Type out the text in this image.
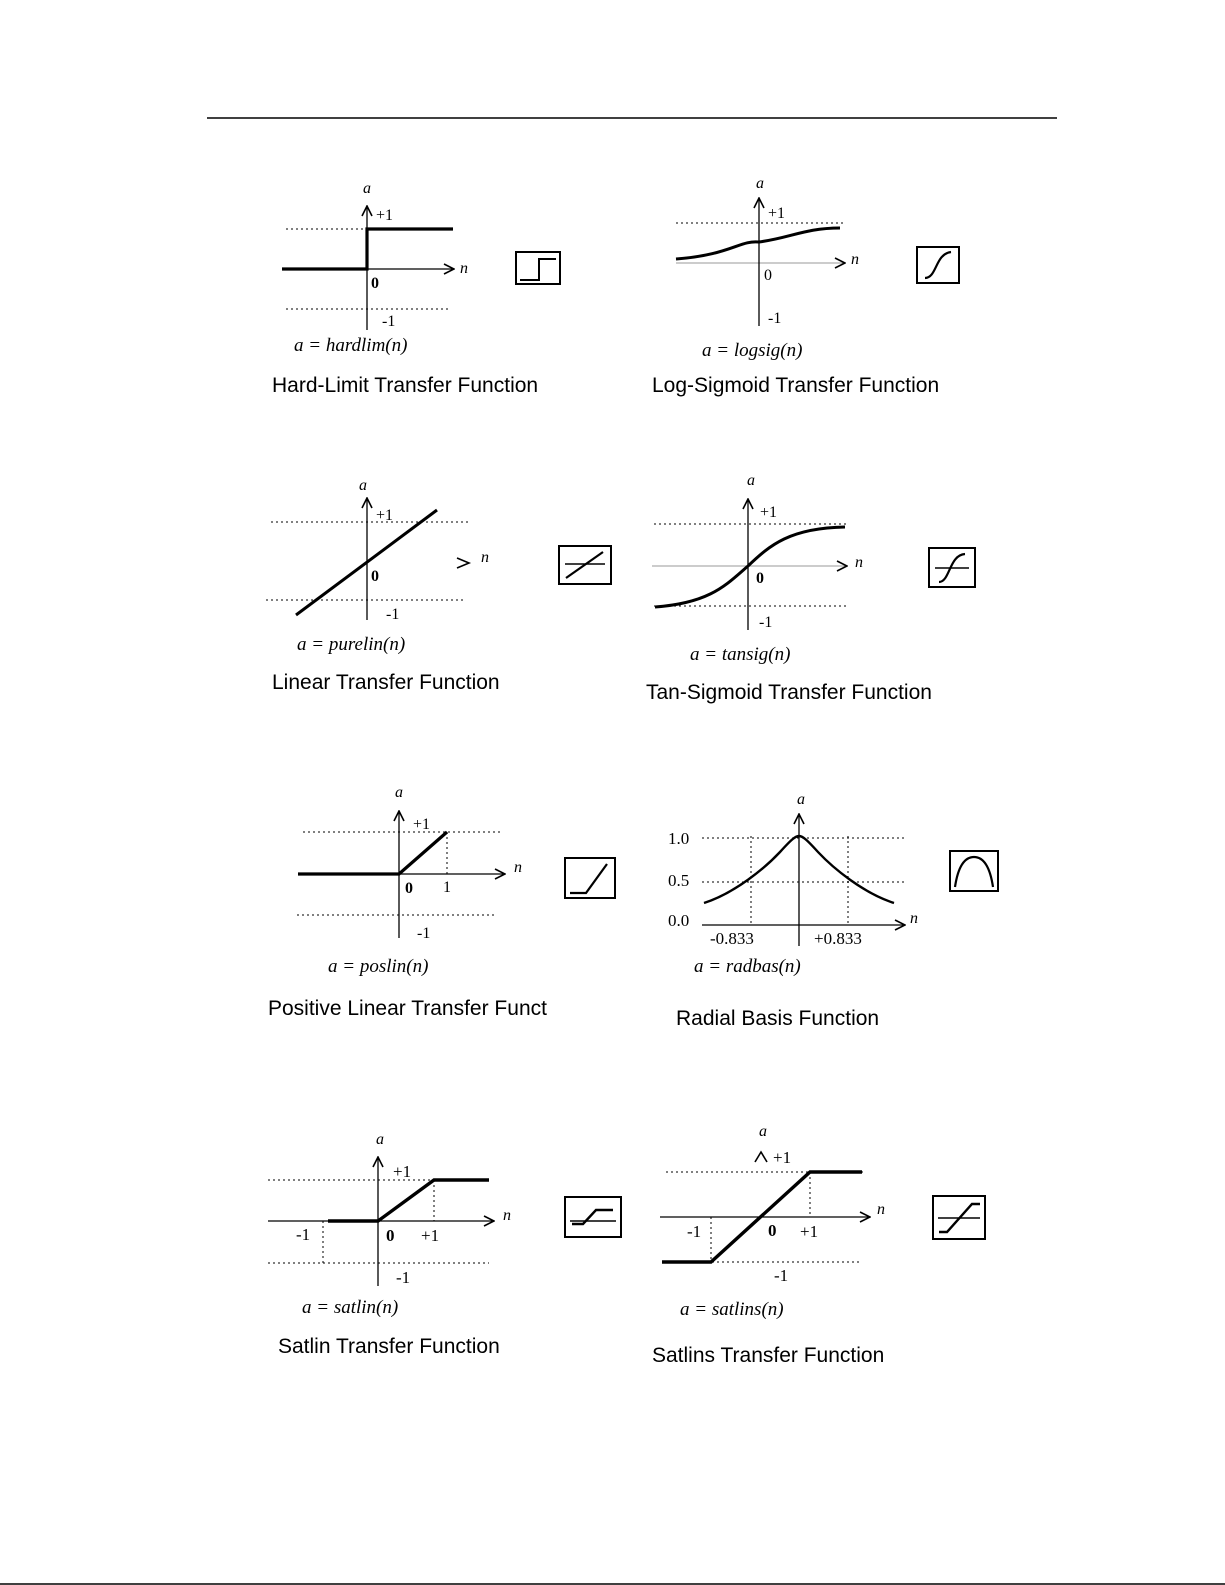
a
n
+1
0
-1
a = hardlim(n)
Hard-Limit Transfer Function
a
n
+1
0
-1
a = logsig(n)
Log-Sigmoid Transfer Function
a
n
+1
0
-1
a = purelin(n)
Linear Transfer Function
a
n
+1
0
-1
a = tansig(n)
Tan-Sigmoid Transfer Function
a
n
+1
0 1
-1
a = poslin(n)
Positive Linear Transfer Funct
a
n
1.0
0.5
0.0
-0.833	+0.833
a = radbas(n)
Radial Basis Function
a
n
+1
-1	0 +1
-1
a = satlin(n)
Satlin Transfer Function
a
n
+1
-1	0 +1
-1
a = satlins(n)
Satlins Transfer Function
